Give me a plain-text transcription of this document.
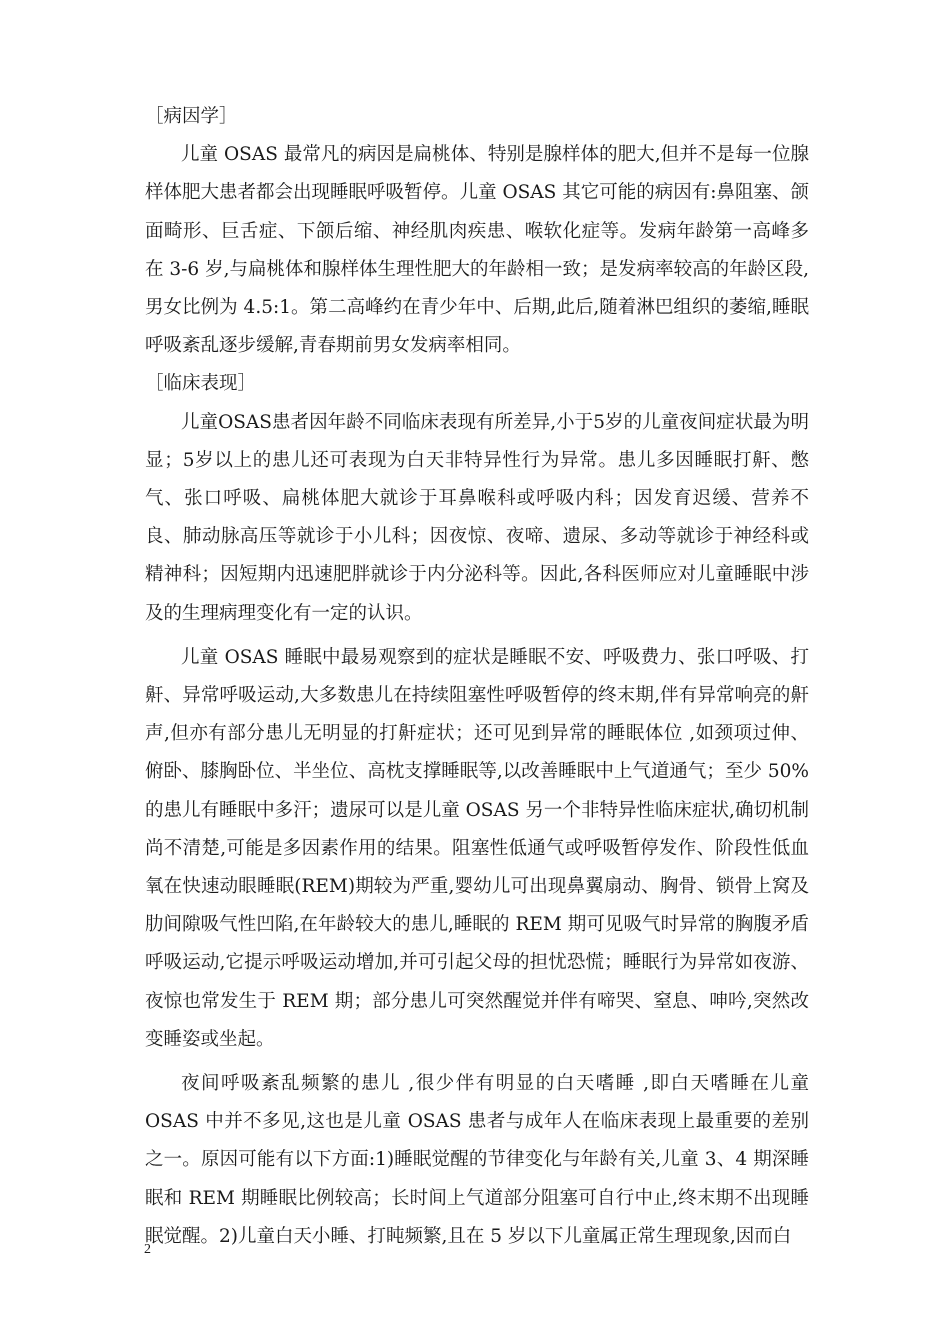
［病因学］

儿童 OSAS 最常凡的病因是扁桃体、特别是腺样体的肥大,但并不是每一位腺样体肥大患者都会出现睡眠呼吸暂停。儿童 OSAS 其它可能的病因有:鼻阻塞、颌面畸形、巨舌症、下颌后缩、神经肌肉疾患、喉软化症等。发病年龄第一高峰多在 3-6 岁,与扁桃体和腺样体生理性肥大的年龄相一致；是发病率较高的年龄区段,男女比例为 4.5:1。第二高峰约在青少年中、后期,此后,随着淋巴组织的萎缩,睡眠呼吸紊乱逐步缓解,青春期前男女发病率相同。

［临床表现］

儿童OSAS患者因年龄不同临床表现有所差异,小于5岁的儿童夜间症状最为明显；5岁以上的患儿还可表现为白天非特异性行为异常。患儿多因睡眠打鼾、憋气、张口呼吸、扁桃体肥大就诊于耳鼻喉科或呼吸内科；因发育迟缓、营养不良、肺动脉高压等就诊于小儿科；因夜惊、夜啼、遗尿、多动等就诊于神经科或精神科；因短期内迅速肥胖就诊于内分泌科等。因此,各科医师应对儿童睡眠中涉及的生理病理变化有一定的认识。

儿童 OSAS 睡眠中最易观察到的症状是睡眠不安、呼吸费力、张口呼吸、打鼾、异常呼吸运动,大多数患儿在持续阻塞性呼吸暂停的终末期,伴有异常响亮的鼾声,但亦有部分患儿无明显的打鼾症状；还可见到异常的睡眠体位 ,如颈项过伸、俯卧、膝胸卧位、半坐位、高枕支撑睡眠等,以改善睡眠中上气道通气；至少 50%的患儿有睡眠中多汗；遗尿可以是儿童 OSAS 另一个非特异性临床症状,确切机制尚不清楚,可能是多因素作用的结果。阻塞性低通气或呼吸暂停发作、阶段性低血氧在快速动眼睡眠(REM)期较为严重,婴幼儿可出现鼻翼扇动、胸骨、锁骨上窝及肋间隙吸气性凹陷,在年龄较大的患儿,睡眠的 REM 期可见吸气时异常的胸腹矛盾呼吸运动,它提示呼吸运动增加,并可引起父母的担忧恐慌；睡眠行为异常如夜游、夜惊也常发生于 REM 期；部分患儿可突然醒觉并伴有啼哭、窒息、呻吟,突然改变睡姿或坐起。

夜间呼吸紊乱频繁的患儿 ,很少伴有明显的白天嗜睡 ,即白天嗜睡在儿童 OSAS 中并不多见,这也是儿童 OSAS 患者与成年人在临床表现上最重要的差别之一。原因可能有以下方面:1)睡眠觉醒的节律变化与年龄有关,儿童 3、4 期深睡眠和 REM 期睡眠比例较高；长时间上气道部分阻塞可自行中止,终末期不出现睡眠觉醒。2)儿童白天小睡、打盹频繁,且在 5 岁以下儿童属正常生理现象,因而白

2
